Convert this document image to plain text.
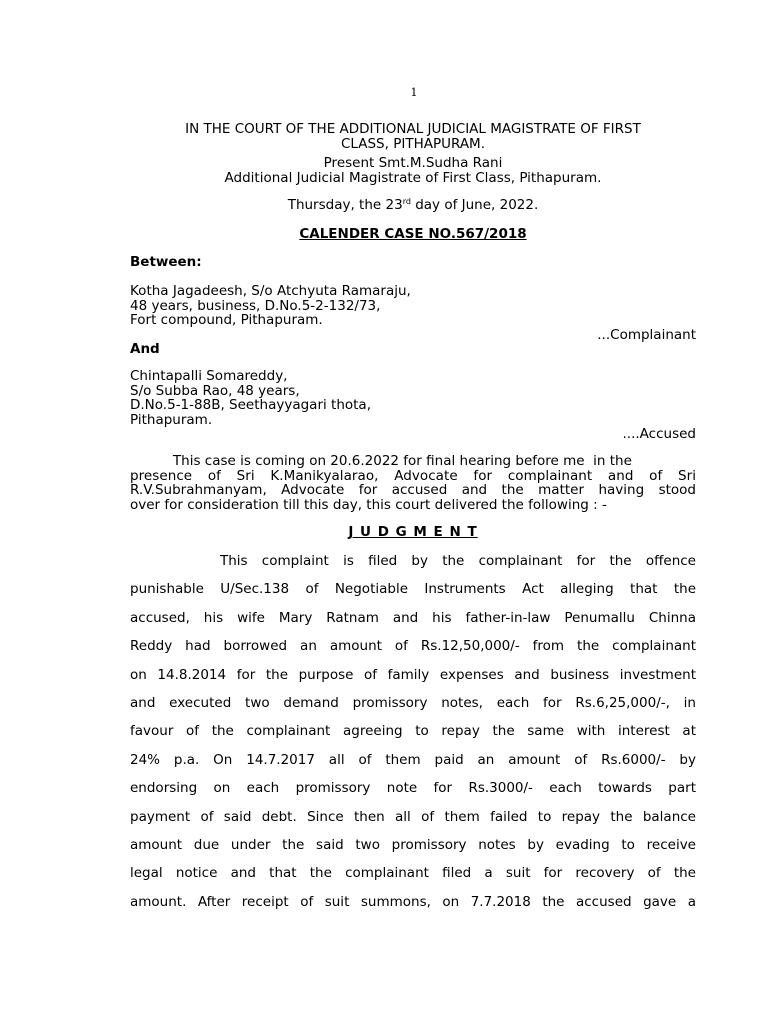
1
IN THE COURT OF THE ADDITIONAL JUDICIAL MAGISTRATE OF FIRST
CLASS, PITHAPURAM.
Present Smt.M.Sudha Rani
Additional Judicial Magistrate of First Class, Pithapuram.
Thursday, the 23rd day of June, 2022.
CALENDER CASE NO.567/2018
Between:
Kotha Jagadeesh, S/o Atchyuta Ramaraju,
48 years, business, D.No.5-2-132/73,
Fort compound, Pithapuram.
...Complainant
And
Chintapalli Somareddy,
S/o Subba Rao, 48 years,
D.No.5-1-88B, Seethayyagari thota,
Pithapuram.
....Accused
This case is coming on 20.6.2022 for final hearing before me  in the
presence of Sri K.Manikyalarao, Advocate for complainant and of Sri
R.V.Subrahmanyam, Advocate for accused and the matter having stood
over for consideration till this day, this court delivered the following : -
J U D G M E N T
This complaint is filed by the complainant for the offence
punishable U/Sec.138 of Negotiable Instruments Act alleging that the
accused, his wife Mary Ratnam and his father-in-law Penumallu Chinna
Reddy had borrowed an amount of Rs.12,50,000/- from the complainant
on 14.8.2014 for the purpose of family expenses and business investment
and executed two demand promissory notes, each for Rs.6,25,000/-, in
favour of the complainant agreeing to repay the same with interest at
24% p.a. On 14.7.2017 all of them paid an amount of Rs.6000/- by
endorsing on each promissory note for Rs.3000/- each towards part
payment of said debt. Since then all of them failed to repay the balance
amount due under the said two promissory notes by evading to receive
legal notice and that the complainant filed a suit for recovery of the
amount. After receipt of suit summons, on 7.7.2018 the accused gave a
